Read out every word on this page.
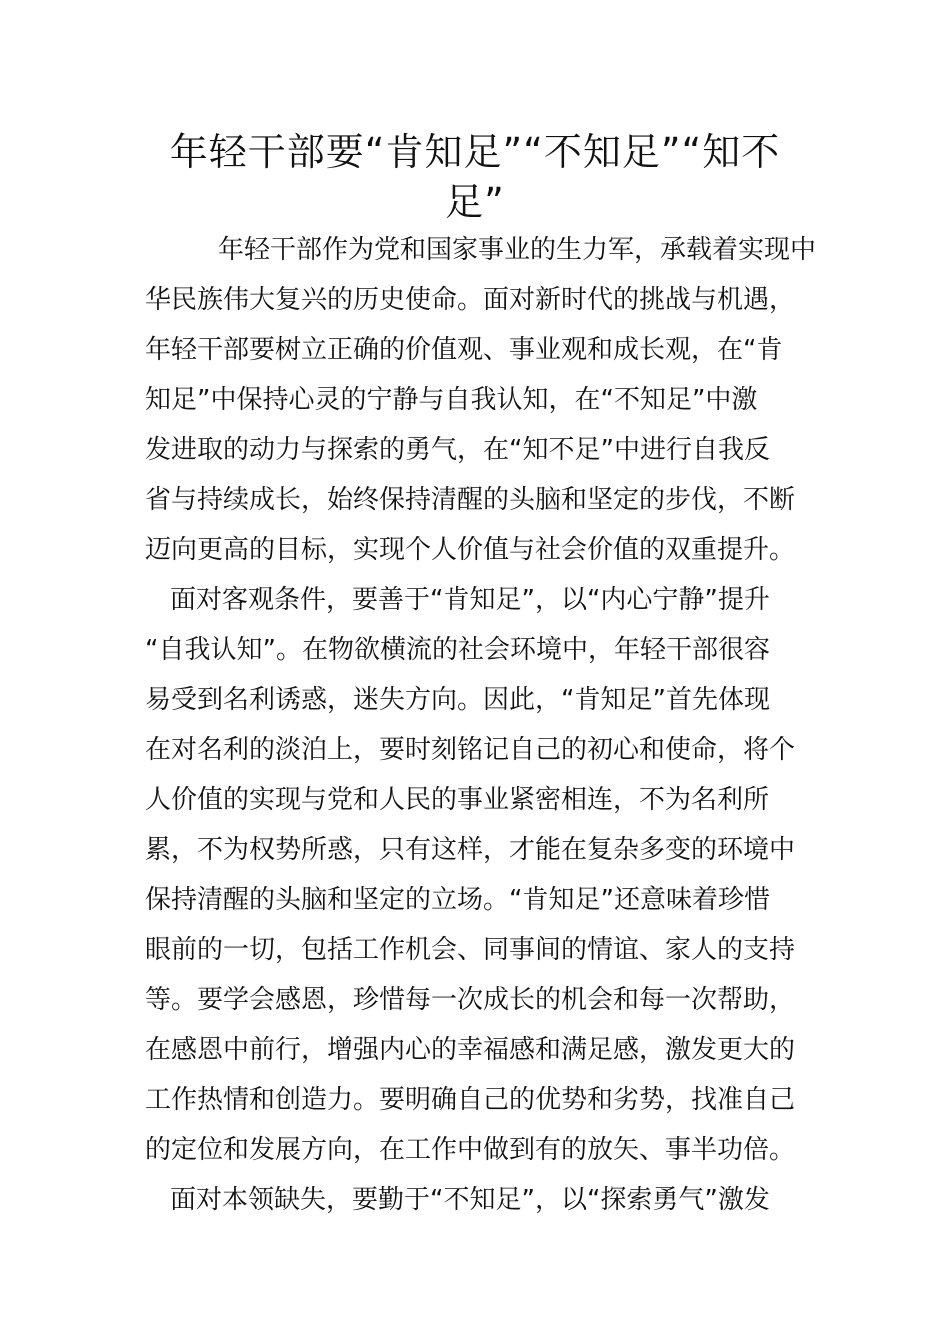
年轻干部要“肯知足”“不知足”“知不
足”
年轻干部作为党和国家事业的生力军，承载着实现中
华民族伟大复兴的历史使命。面对新时代的挑战与机遇，
年轻干部要树立正确的价值观、事业观和成长观，在“肯
知足”中保持心灵的宁静与自我认知，在“不知足”中激
发进取的动力与探索的勇气，在“知不足”中进行自我反
省与持续成长，始终保持清醒的头脑和坚定的步伐，不断
迈向更高的目标，实现个人价值与社会价值的双重提升。
面对客观条件，要善于“肯知足”，以“内心宁静”提升
“自我认知”。在物欲横流的社会环境中，年轻干部很容
易受到名利诱惑，迷失方向。因此，“肯知足”首先体现
在对名利的淡泊上，要时刻铭记自己的初心和使命，将个
人价值的实现与党和人民的事业紧密相连，不为名利所
累，不为权势所惑，只有这样，才能在复杂多变的环境中
保持清醒的头脑和坚定的立场。“肯知足”还意味着珍惜
眼前的一切，包括工作机会、同事间的情谊、家人的支持
等。要学会感恩，珍惜每一次成长的机会和每一次帮助，
在感恩中前行，增强内心的幸福感和满足感，激发更大的
工作热情和创造力。要明确自己的优势和劣势，找准自己
的定位和发展方向，在工作中做到有的放矢、事半功倍。
面对本领缺失，要勤于“不知足”，以“探索勇气”激发
